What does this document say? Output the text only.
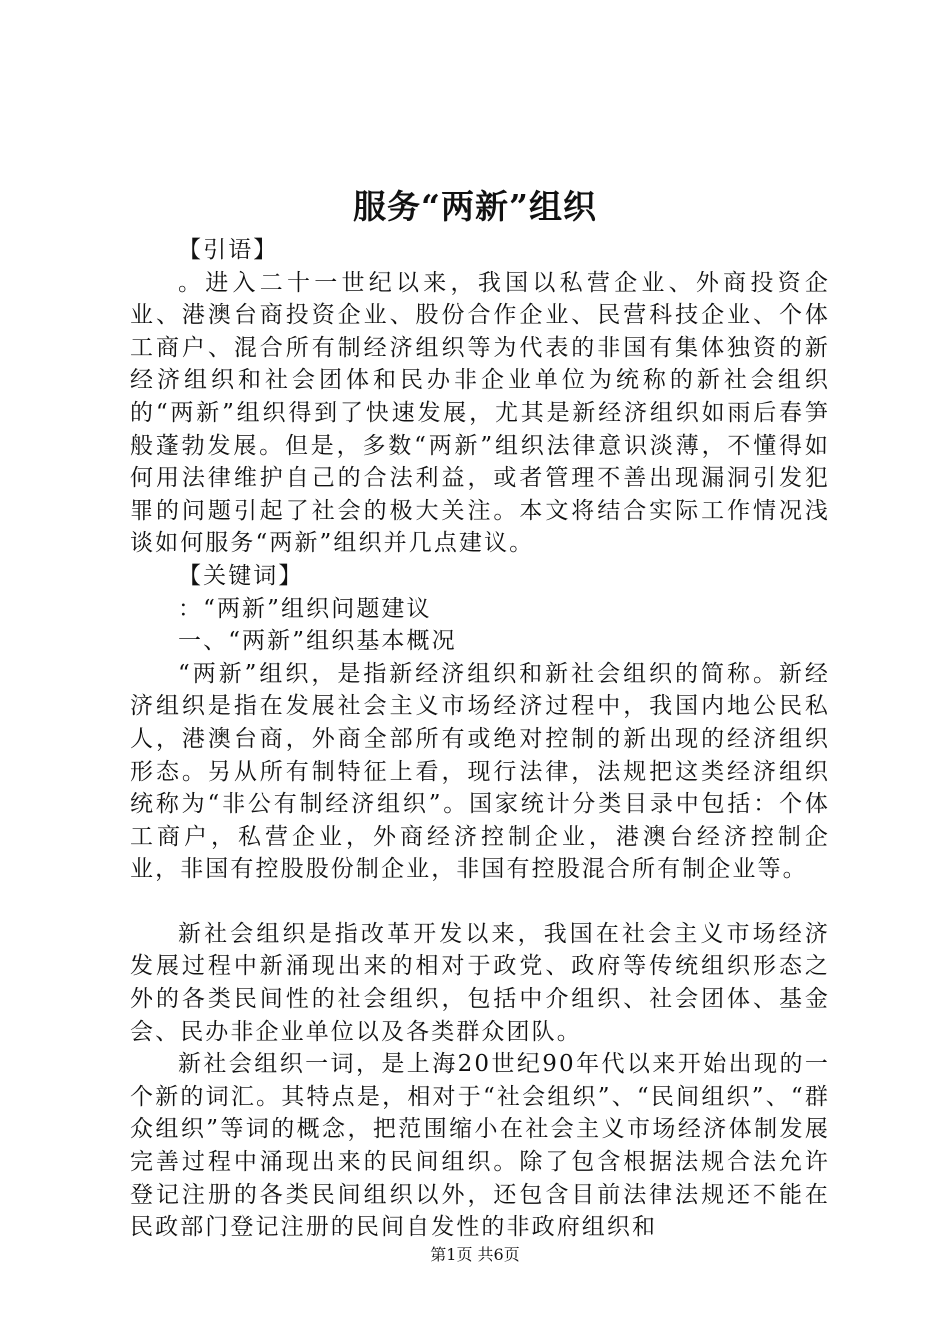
服务“两新”组织

【引语】

。进入二十一世纪以来，我国以私营企业、外商投资企业、港澳台商投资企业、股份合作企业、民营科技企业、个体工商户、混合所有制经济组织等为代表的非国有集体独资的新经济组织和社会团体和民办非企业单位为统称的新社会组织的“两新”组织得到了快速发展，尤其是新经济组织如雨后春笋般蓬勃发展。但是，多数“两新”组织法律意识淡薄，不懂得如何用法律维护自己的合法利益，或者管理不善出现漏洞引发犯罪的问题引起了社会的极大关注。本文将结合实际工作情况浅谈如何服务“两新”组织并几点建议。

【关键词】

：“两新”组织问题建议

一、“两新”组织基本概况

“两新”组织，是指新经济组织和新社会组织的简称。新经济组织是指在发展社会主义市场经济过程中，我国内地公民私人，港澳台商，外商全部所有或绝对控制的新出现的经济组织形态。另从所有制特征上看，现行法律，法规把这类经济组织统称为“非公有制经济组织”。国家统计分类目录中包括：个体工商户，私营企业，外商经济控制企业，港澳台经济控制企业，非国有控股股份制企业，非国有控股混合所有制企业等。

新社会组织是指改革开发以来，我国在社会主义市场经济发展过程中新涌现出来的相对于政党、政府等传统组织形态之外的各类民间性的社会组织，包括中介组织、社会团体、基金会、民办非企业单位以及各类群众团队。

新社会组织一词，是上海20世纪90年代以来开始出现的一个新的词汇。其特点是，相对于“社会组织”、“民间组织”、“群众组织”等词的概念，把范围缩小在社会主义市场经济体制发展完善过程中涌现出来的民间组织。除了包含根据法规合法允许登记注册的各类民间组织以外，还包含目前法律法规还不能在民政部门登记注册的民间自发性的非政府组织和

第1页 共6页
